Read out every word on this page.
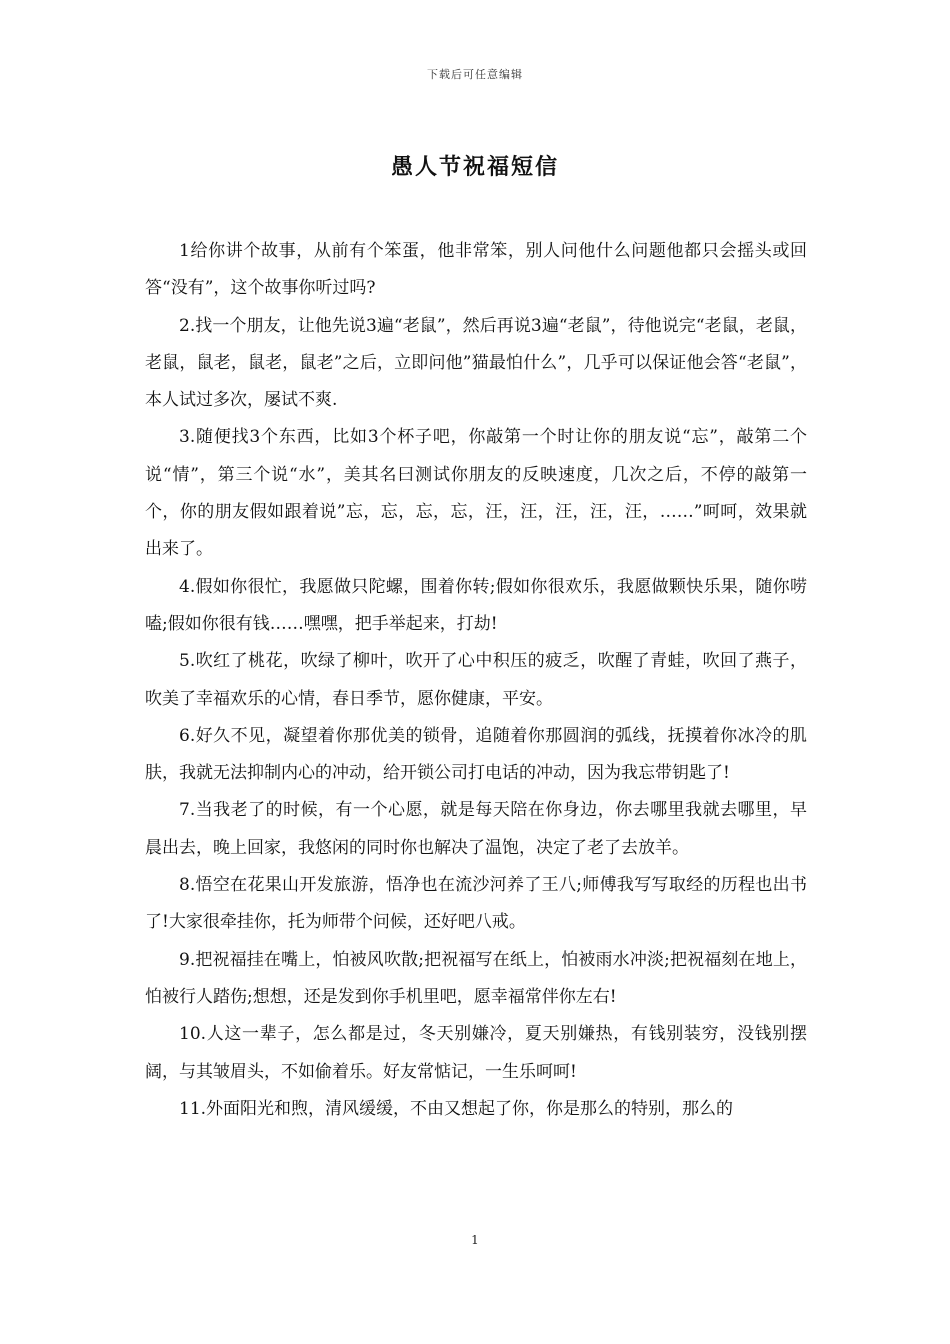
下载后可任意编辑
愚人节祝福短信

1给你讲个故事，从前有个笨蛋，他非常笨，别人问他什么问题他都只会摇头或回答“没有”，这个故事你听过吗?

2.找一个朋友，让他先说3遍“老鼠”，然后再说3遍“老鼠”，待他说完“老鼠，老鼠，老鼠，鼠老，鼠老，鼠老”之后，立即问他”猫最怕什么”，几乎可以保证他会答“老鼠”，本人试过多次，屡试不爽.

3.随便找3个东西，比如3个杯子吧，你敲第一个时让你的朋友说“忘”，敲第二个说“情”，第三个说“水”，美其名曰测试你朋友的反映速度，几次之后，不停的敲第一个，你的朋友假如跟着说”忘，忘，忘，忘，汪，汪，汪，汪，汪，……”呵呵，效果就出来了。

4.假如你很忙，我愿做只陀螺，围着你转;假如你很欢乐，我愿做颗快乐果，随你唠嗑;假如你很有钱……嘿嘿，把手举起来，打劫!

5.吹红了桃花，吹绿了柳叶，吹开了心中积压的疲乏，吹醒了青蛙，吹回了燕子，吹美了幸福欢乐的心情，春日季节，愿你健康，平安。

6.好久不见，凝望着你那优美的锁骨，追随着你那圆润的弧线，抚摸着你冰冷的肌肤，我就无法抑制内心的冲动，给开锁公司打电话的冲动，因为我忘带钥匙了!

7.当我老了的时候，有一个心愿，就是每天陪在你身边，你去哪里我就去哪里，早晨出去，晚上回家，我悠闲的同时你也解决了温饱，决定了老了去放羊。

8.悟空在花果山开发旅游，悟净也在流沙河养了王八;师傅我写写取经的历程也出书了!大家很牵挂你，托为师带个问候，还好吧八戒。

9.把祝福挂在嘴上，怕被风吹散;把祝福写在纸上，怕被雨水冲淡;把祝福刻在地上，怕被行人踏伤;想想，还是发到你手机里吧，愿幸福常伴你左右!

10.人这一辈子，怎么都是过，冬天别嫌冷，夏天别嫌热，有钱别装穷，没钱别摆阔，与其皱眉头，不如偷着乐。好友常惦记，一生乐呵呵!

11.外面阳光和煦，清风缓缓，不由又想起了你，你是那么的特别，那么的

1
